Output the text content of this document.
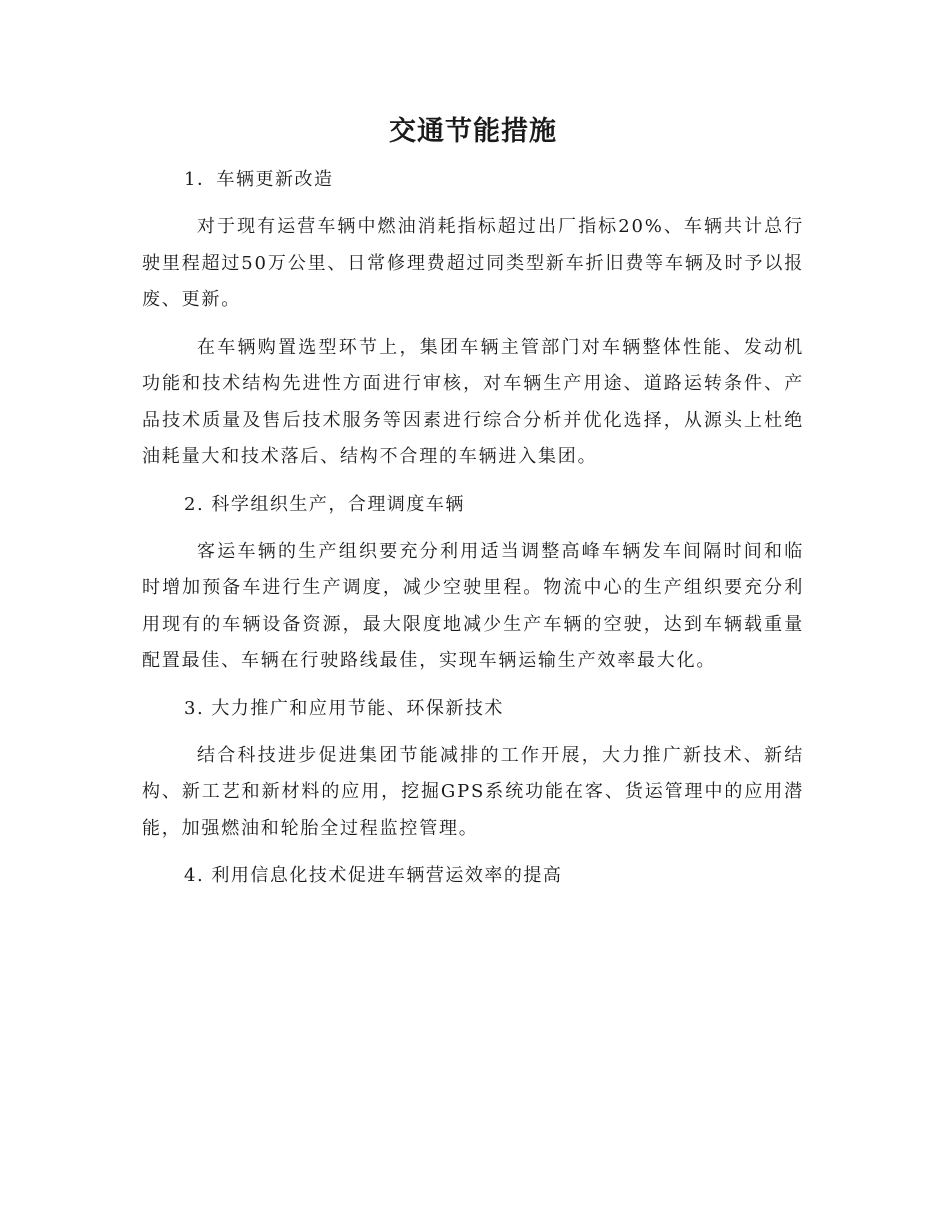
交通节能措施
1．车辆更新改造

对于现有运营车辆中燃油消耗指标超过出厂指标20%、车辆共计总行驶里程超过50万公里、日常修理费超过同类型新车折旧费等车辆及时予以报废、更新。

在车辆购置选型环节上，集团车辆主管部门对车辆整体性能、发动机功能和技术结构先进性方面进行审核，对车辆生产用途、道路运转条件、产品技术质量及售后技术服务等因素进行综合分析并优化选择，从源头上杜绝油耗量大和技术落后、结构不合理的车辆进入集团。

2. 科学组织生产，合理调度车辆

客运车辆的生产组织要充分利用适当调整高峰车辆发车间隔时间和临时增加预备车进行生产调度，减少空驶里程。物流中心的生产组织要充分利用现有的车辆设备资源，最大限度地减少生产车辆的空驶，达到车辆载重量配置最佳、车辆在行驶路线最佳，实现车辆运输生产效率最大化。

3. 大力推广和应用节能、环保新技术

结合科技进步促进集团节能减排的工作开展，大力推广新技术、新结构、新工艺和新材料的应用，挖掘GPS系统功能在客、货运管理中的应用潜能，加强燃油和轮胎全过程监控管理。

4. 利用信息化技术促进车辆营运效率的提高
